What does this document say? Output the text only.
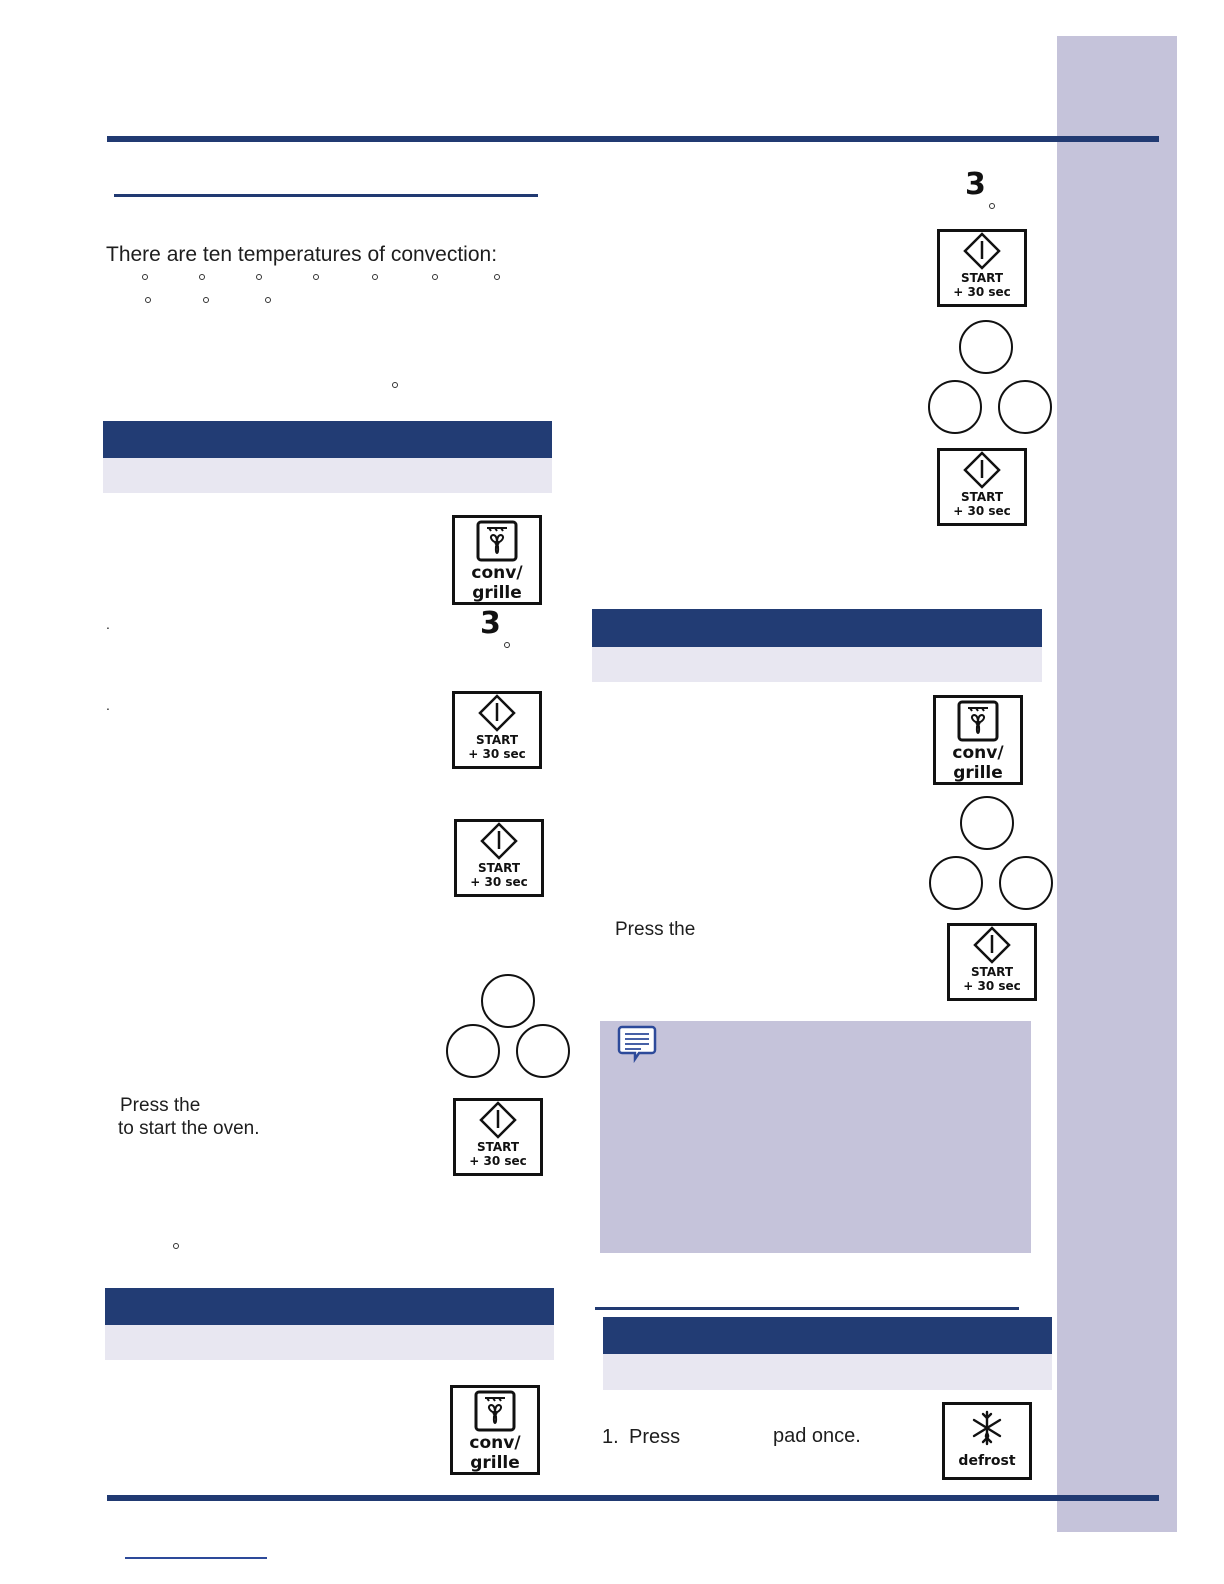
There are ten temperatures of convection:
conv/
grille
.	3
.
START
+ 30 sec
START
+ 30 sec
Press the
to start the oven.
START
+ 30 sec
conv/
grille
3
START
+ 30 sec
START
+ 30 sec
conv/
grille
Press the
START
+ 30 sec
1. Press	pad once.
defrost
